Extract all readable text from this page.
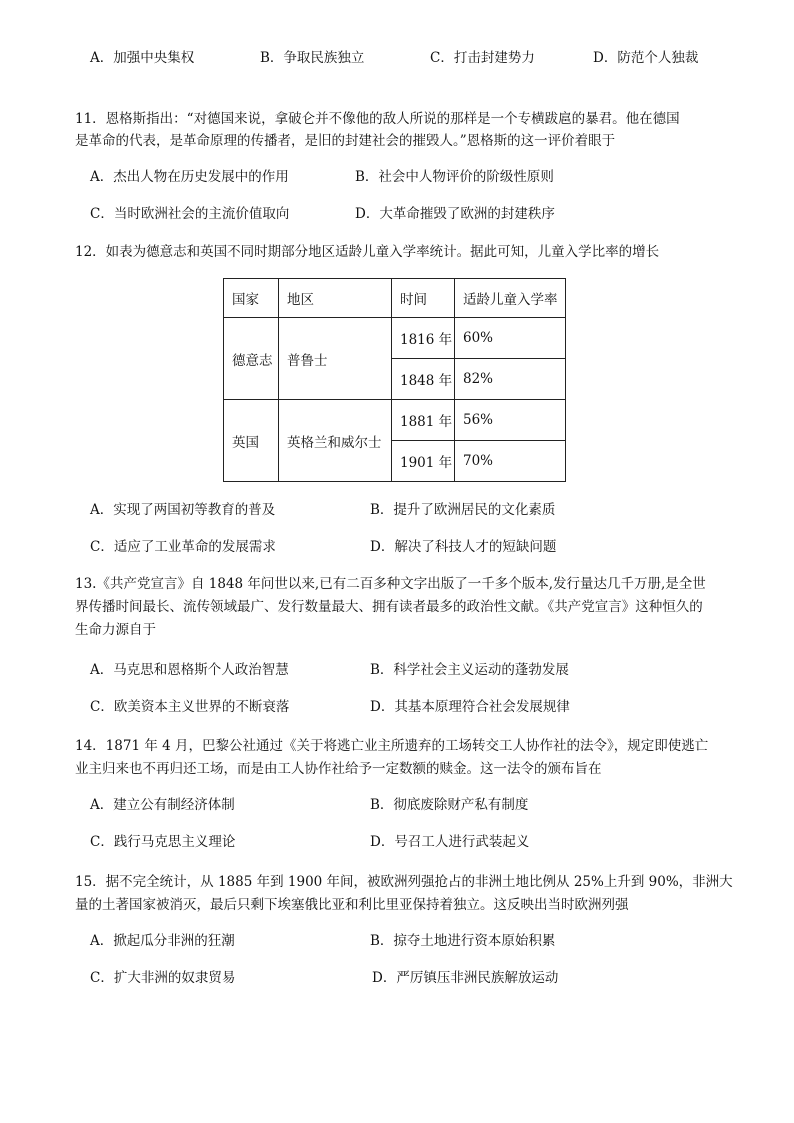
A．加强中央集权	B．争取民族独立	C．打击封建势力	D．防范个人独裁
11．恩格斯指出：“对德国来说，拿破仑并不像他的敌人所说的那样是一个专横跋扈的暴君。他在德国
是革命的代表，是革命原理的传播者，是旧的封建社会的摧毁人。”恩格斯的这一评价着眼于
A．杰出人物在历史发展中的作用	B．社会中人物评价的阶级性原则
C．当时欧洲社会的主流价值取向	D．大革命摧毁了欧洲的封建秩序
12．如表为德意志和英国不同时期部分地区适龄儿童入学率统计。据此可知，儿童入学比率的增长
国家	地区	时间	适龄儿童入学率
德意志	普鲁士	1816 年	60%
		1848 年	82%
英国	英格兰和威尔士	1881 年	56%
		1901 年	70%
A．实现了两国初等教育的普及	B．提升了欧洲居民的文化素质
C．适应了工业革命的发展需求	D．解决了科技人才的短缺问题
13.《共产党宣言》自 1848 年问世以来,已有二百多种文字出版了一千多个版本,发行量达几千万册,是全世界传播时间最长、流传领域最广、发行数量最大、拥有读者最多的政治性文献。《共产党宣言》这种恒久的生命力源自于
A．马克思和恩格斯个人政治智慧	B．科学社会主义运动的蓬勃发展
C．欧美资本主义世界的不断衰落	D．其基本原理符合社会发展规律
14．1871 年 4 月，巴黎公社通过《关于将逃亡业主所遗弃的工场转交工人协作社的法令》，规定即使逃亡
业主归来也不再归还工场，而是由工人协作社给予一定数额的赎金。这一法令的颁布旨在
A．建立公有制经济体制	B．彻底废除财产私有制度
C．践行马克思主义理论	D．号召工人进行武装起义
15．据不完全统计，从 1885 年到 1900 年间，被欧洲列强抢占的非洲土地比例从 25%上升到 90%，非洲大
量的土著国家被消灭，最后只剩下埃塞俄比亚和利比里亚保持着独立。这反映出当时欧洲列强
A．掀起瓜分非洲的狂潮	B．掠夺土地进行资本原始积累
C．扩大非洲的奴隶贸易	D．严厉镇压非洲民族解放运动
